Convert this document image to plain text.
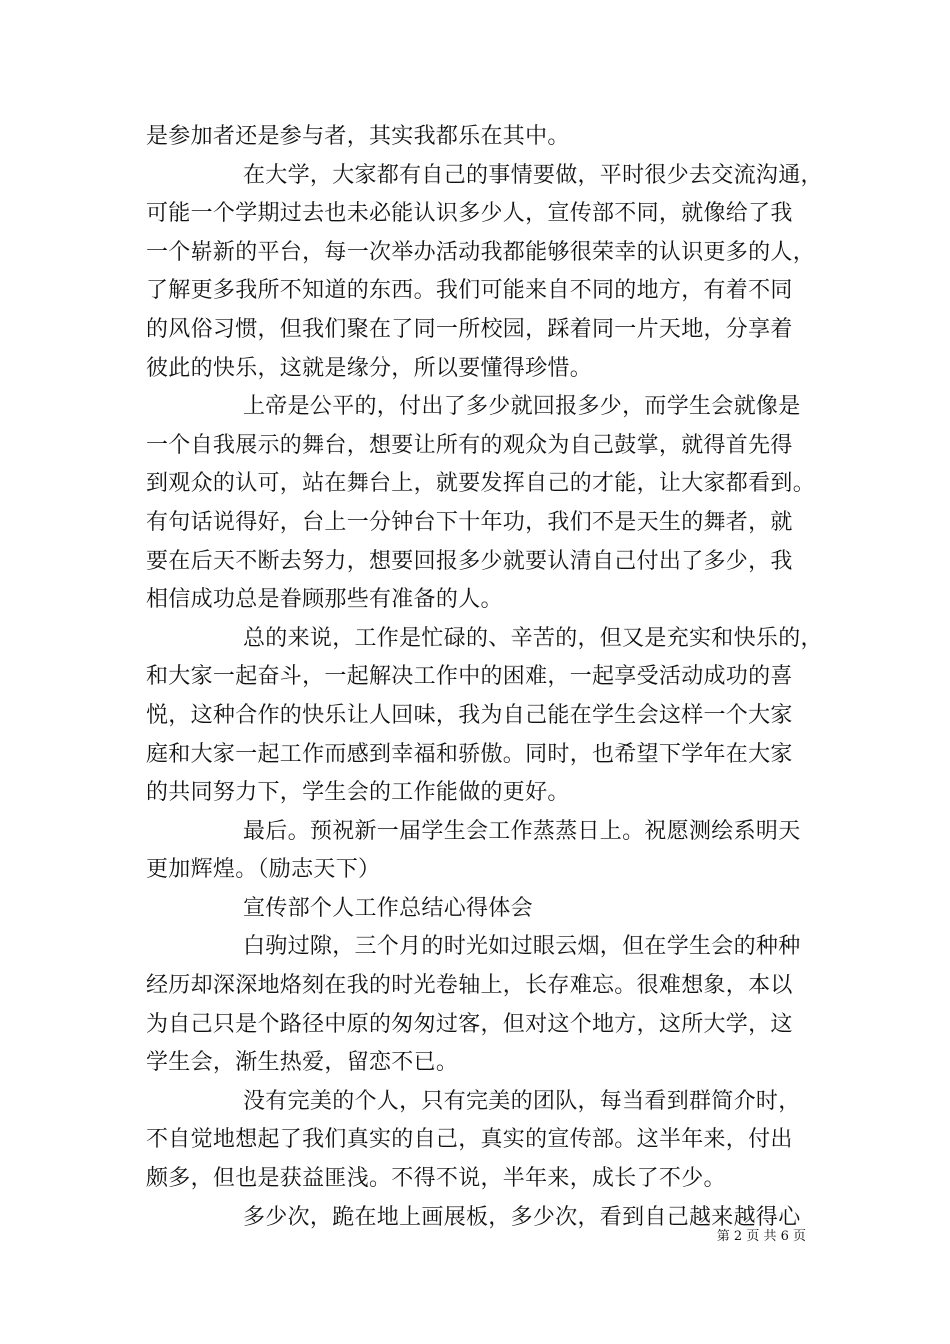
是参加者还是参与者，其实我都乐在其中。
在大学，大家都有自己的事情要做，平时很少去交流沟通，
可能一个学期过去也未必能认识多少人，宣传部不同，就像给了我
一个崭新的平台，每一次举办活动我都能够很荣幸的认识更多的人，
了解更多我所不知道的东西。我们可能来自不同的地方，有着不同
的风俗习惯，但我们聚在了同一所校园，踩着同一片天地，分享着
彼此的快乐，这就是缘分，所以要懂得珍惜。
上帝是公平的，付出了多少就回报多少，而学生会就像是
一个自我展示的舞台，想要让所有的观众为自己鼓掌，就得首先得
到观众的认可，站在舞台上，就要发挥自己的才能，让大家都看到。
有句话说得好，台上一分钟台下十年功，我们不是天生的舞者，就
要在后天不断去努力，想要回报多少就要认清自己付出了多少，我
相信成功总是眷顾那些有准备的人。
总的来说，工作是忙碌的、辛苦的，但又是充实和快乐的，
和大家一起奋斗，一起解决工作中的困难，一起享受活动成功的喜
悦，这种合作的快乐让人回味，我为自己能在学生会这样一个大家
庭和大家一起工作而感到幸福和骄傲。同时，也希望下学年在大家
的共同努力下，学生会的工作能做的更好。
最后。预祝新一届学生会工作蒸蒸日上。祝愿测绘系明天
更加辉煌。（励志天下）
宣传部个人工作总结心得体会
白驹过隙，三个月的时光如过眼云烟，但在学生会的种种
经历却深深地烙刻在我的时光卷轴上，长存难忘。很难想象，本以
为自己只是个路径中原的匆匆过客，但对这个地方，这所大学，这
学生会，渐生热爱，留恋不已。
没有完美的个人，只有完美的团队，每当看到群简介时，
不自觉地想起了我们真实的自己，真实的宣传部。这半年来，付出
颇多，但也是获益匪浅。不得不说，半年来，成长了不少。
多少次，跪在地上画展板，多少次，看到自己越来越得心
第 2 页 共 6 页
